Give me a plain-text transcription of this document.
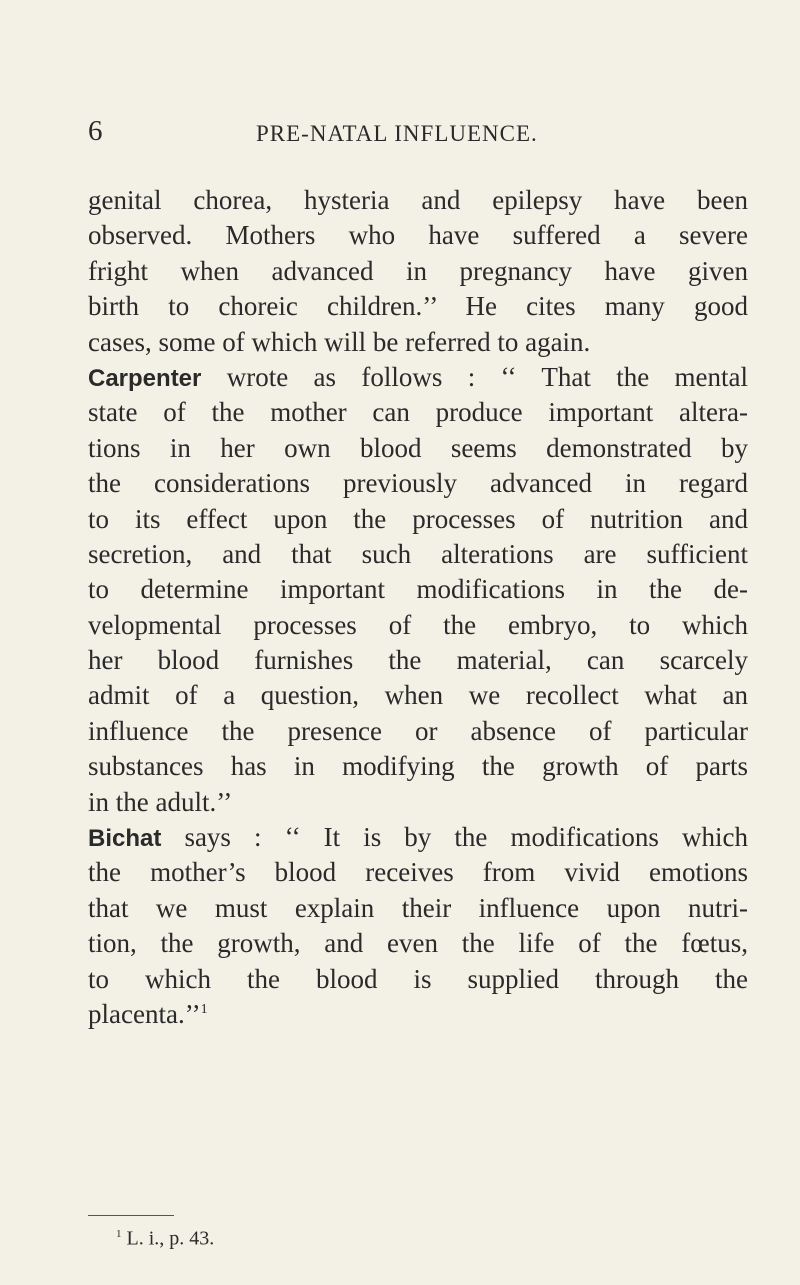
6	PRE-NATAL INFLUENCE.
genital chorea, hysteria and epilepsy have been
observed. Mothers who have suffered a severe
fright when advanced in pregnancy have given
birth to choreic children.’’ He cites many good
cases, some of which will be referred to again.
Carpenter wrote as follows : ‘‘ That the mental
state of the mother can produce important altera-
tions in her own blood seems demonstrated by
the considerations previously advanced in regard
to its effect upon the processes of nutrition and
secretion, and that such alterations are sufficient
to determine important modifications in the de-
velopmental processes of the embryo, to which
her blood furnishes the material, can scarcely
admit of a question, when we recollect what an
influence the presence or absence of particular
substances has in modifying the growth of parts
in the adult.’’
Bichat says : ‘‘ It is by the modifications which
the mother’s blood receives from vivid emotions
that we must explain their influence upon nutri-
tion, the growth, and even the life of the fœtus,
to which the blood is supplied through the
placenta.’’$^1$
$^1$ L. i., p. 43.
